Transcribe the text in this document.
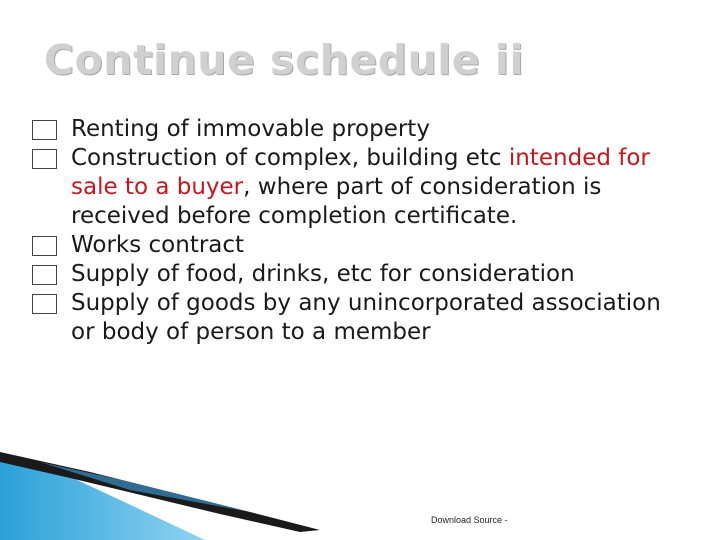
Continue schedule ii
Renting of immovable property
Construction of complex, building etc intended for sale to a buyer, where part of consideration is received before completion certificate.
Works contract
Supply of food, drinks, etc for consideration
Supply of goods by any unincorporated association or body of person to a member
Download Source -
